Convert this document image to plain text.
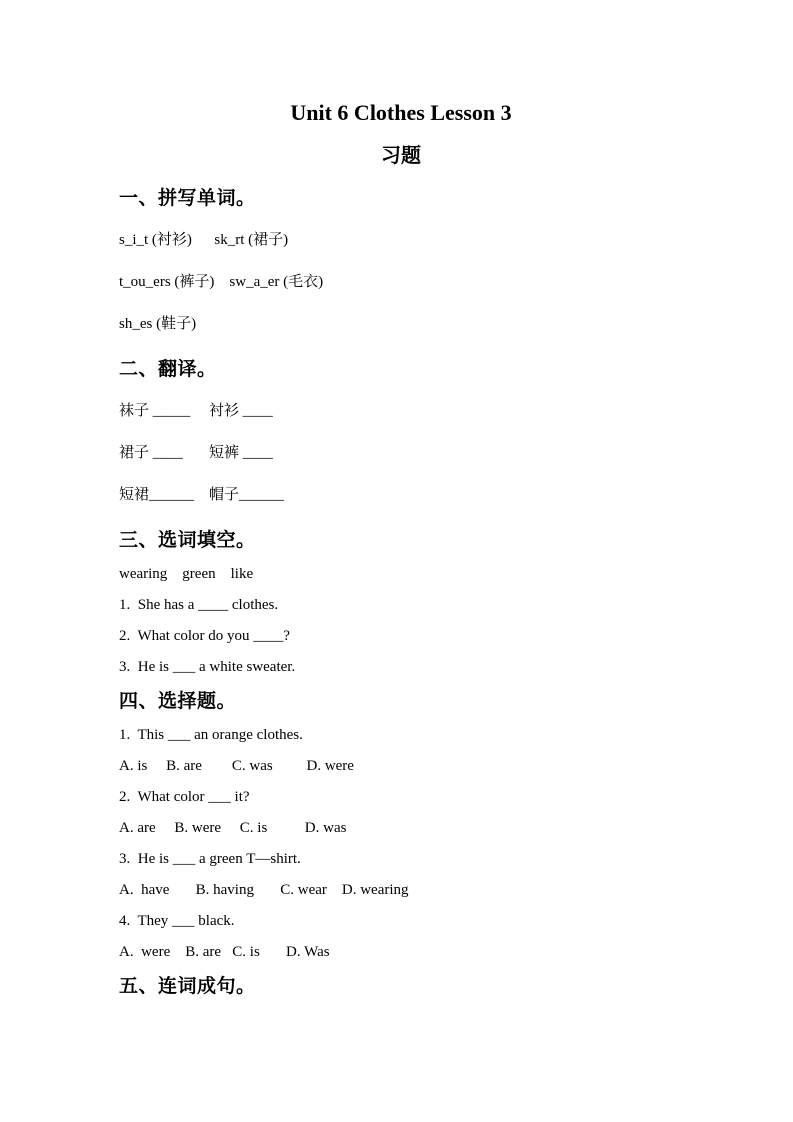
Unit 6 Clothes Lesson 3
习题
一、拼写单词。

s_i_t (衬衫)      sk_rt (裙子)

t_ou_ers (裤子)    sw_a_er (毛衣)

sh_es (鞋子)

二、翻译。

袜子 _____     衬衫 ____

裙子 ____       短裤 ____

短裙______    帽子______

三、选词填空。

wearing    green    like

1.  She has a ____ clothes.

2.  What color do you ____?

3.  He is ___ a white sweater.

四、选择题。

1.  This ___ an orange clothes.

A. is     B. are        C. was         D. were

2.  What color ___ it?

A. are     B. were     C. is          D. was

3.  He is ___ a green T—shirt.

A.  have       B. having       C. wear    D. wearing

4.  They ___ black.

A.  were    B. are   C. is       D. Was

五、连词成句。
